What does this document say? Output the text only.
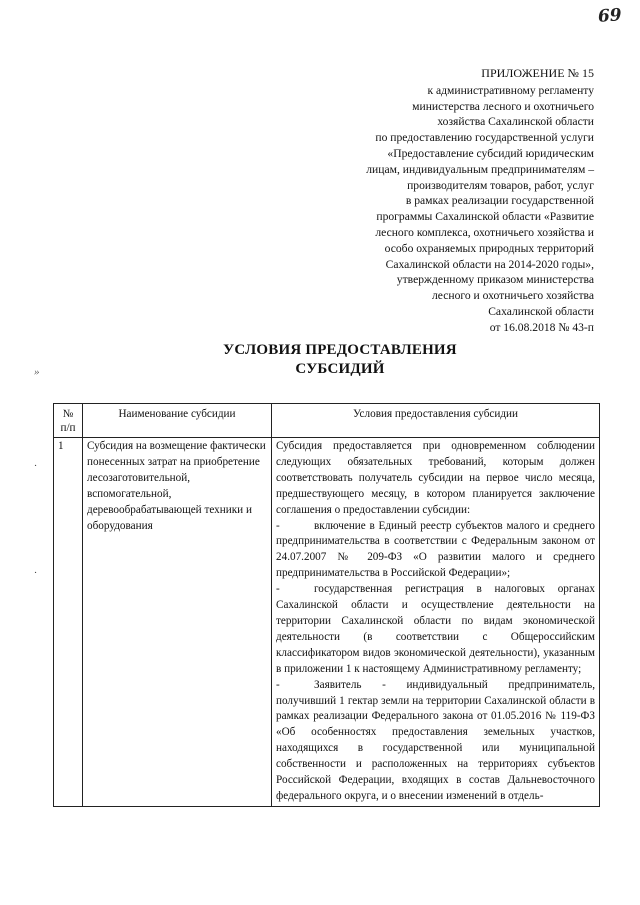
69
ПРИЛОЖЕНИЕ № 15
к административному регламенту
министерства лесного и охотничьего
хозяйства Сахалинской области
по предоставлению государственной услуги
«Предоставление субсидий юридическим
лицам, индивидуальным предпринимателям –
производителям товаров, работ, услуг
в рамках реализации государственной
программы Сахалинской области «Развитие
лесного комплекса, охотничьего хозяйства и
особо охраняемых природных территорий
Сахалинской области на 2014-2020 годы»,
утвержденному приказом министерства
лесного и охотничьего хозяйства
Сахалинской области
от 16.08.2018 № 43-п
УСЛОВИЯ ПРЕДОСТАВЛЕНИЯ
СУБСИДИЙ
»
·
·
№ п/п	Наименование субсидии	Условия предоставления субсидии
1	Субсидия на возмещение фактически понесенных затрат на приобретение лесозаготовительной, вспомогательной, деревообрабатывающей техники и оборудования	Субсидия предоставляется при одновременном соблюдении следующих обязательных требований, которым должен соответствовать получатель субсидии на первое число месяца, предшествующего месяцу, в котором планируется заключение соглашения о предоставлении субсидии:
- включение в Единый реестр субъектов малого и среднего предпринимательства в соответствии с Федеральным законом от 24.07.2007 № 209-ФЗ «О развитии малого и среднего предпринимательства в Российской Федерации»;
- государственная регистрация в налоговых органах Сахалинской области и осуществление деятельности на территории Сахалинской области по видам экономической деятельности (в соответствии с Общероссийским классификатором видов экономической деятельности), указанным в приложении 1 к настоящему Административному регламенту;
- Заявитель - индивидуальный предприниматель, получивший 1 гектар земли на территории Сахалинской области в рамках реализации Федерального закона от 01.05.2016 № 119-ФЗ «Об особенностях предоставления земельных участков, находящихся в государственной или муниципальной собственности и расположенных на территориях субъектов Российской Федерации, входящих в состав Дальневосточного федерального округа, и о внесении изменений в отдель-
